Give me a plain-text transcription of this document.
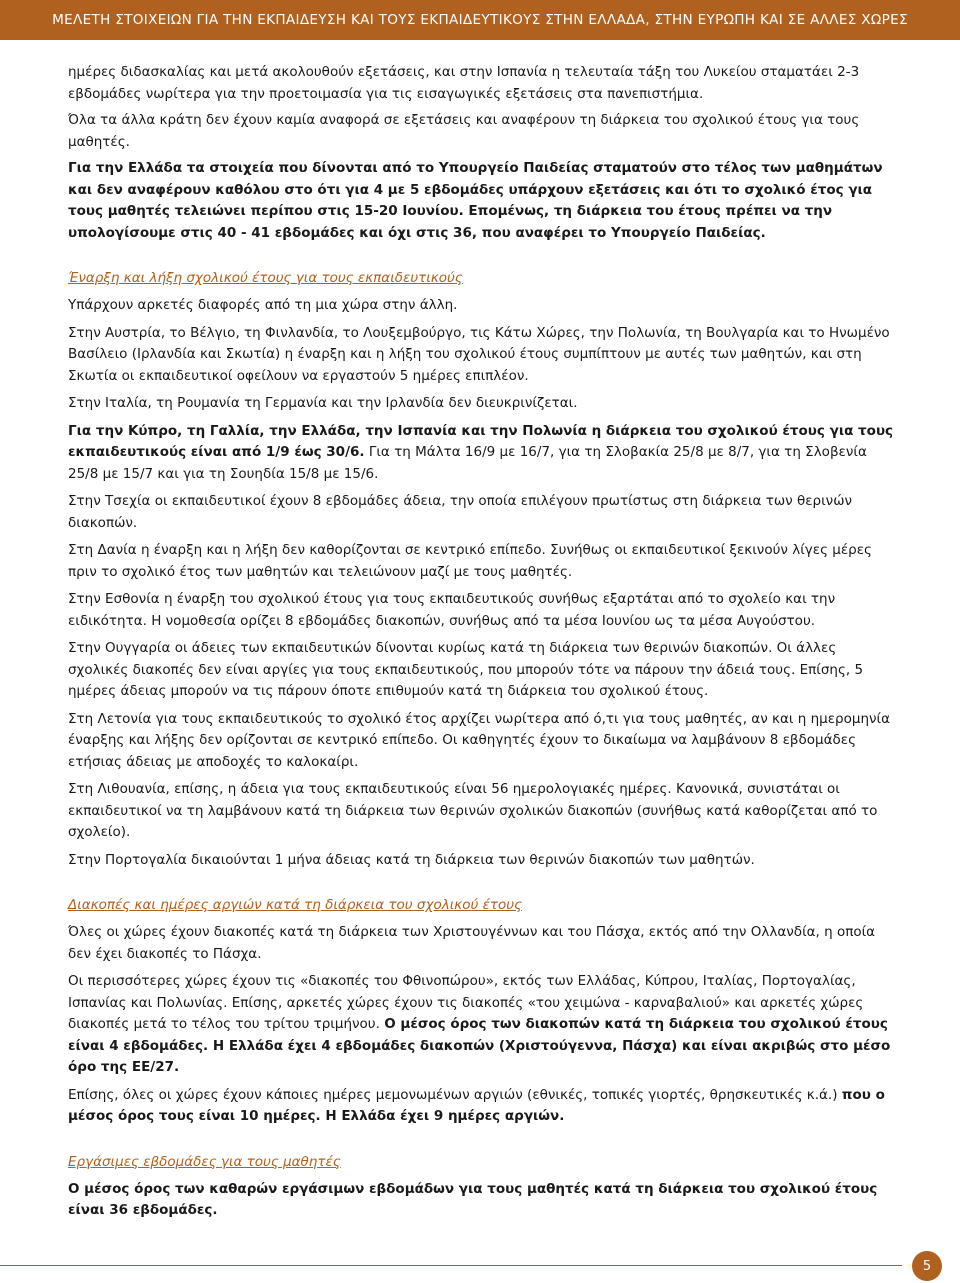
ΜΕΛΕΤΗ ΣΤΟΙΧΕΙΩΝ ΓΙΑ ΤΗΝ ΕΚΠΑΙΔΕΥΣΗ ΚΑΙ ΤΟΥΣ ΕΚΠΑΙΔΕΥΤΙΚΟΥΣ ΣΤΗΝ ΕΛΛΑΔΑ, ΣΤΗΝ ΕΥΡΩΠΗ ΚΑΙ ΣΕ ΑΛΛΕΣ ΧΩΡΕΣ

ημέρες διδασκαλίας και μετά ακολουθούν εξετάσεις, και στην Ισπανία η τελευταία τάξη του Λυκείου σταματάει 2-3 εβδομάδες νωρίτερα για την προετοιμασία για τις εισαγωγικές εξετάσεις στα πανεπιστήμια.

Όλα τα άλλα κράτη δεν έχουν καμία αναφορά σε εξετάσεις και αναφέρουν τη διάρκεια του σχολικού έτους για τους μαθητές.

Για την Ελλάδα τα στοιχεία που δίνονται από το Υπουργείο Παιδείας σταματούν στο τέλος των μαθημάτων και δεν αναφέρουν καθόλου στο ότι για 4 με 5 εβδομάδες υπάρχουν εξετάσεις και ότι το σχολικό έτος για τους μαθητές τελειώνει περίπου στις 15-20 Ιουνίου. Επομένως, τη διάρκεια του έτους πρέπει να την υπολογίσουμε στις 40 - 41 εβδομάδες και όχι στις 36, που αναφέρει το Υπουργείο Παιδείας.

Έναρξη και λήξη σχολικού έτους για τους εκπαιδευτικούς

Υπάρχουν αρκετές διαφορές από τη μια χώρα στην άλλη.

Στην Αυστρία, το Βέλγιο, τη Φινλανδία, το Λουξεμβούργο, τις Κάτω Χώρες, την Πολωνία, τη Βουλγαρία και το Ηνωμένο Βασίλειο (Ιρλανδία και Σκωτία) η έναρξη και η λήξη του σχολικού έτους συμπίπτουν με αυτές των μαθητών, και στη Σκωτία οι εκπαιδευτικοί οφείλουν να εργαστούν 5 ημέρες επιπλέον.

Στην Ιταλία, τη Ρουμανία τη Γερμανία και την Ιρλανδία δεν διευκρινίζεται.

Για την Κύπρο, τη Γαλλία, την Ελλάδα, την Ισπανία και την Πολωνία η διάρκεια του σχολικού έτους για τους εκπαιδευτικούς είναι από 1/9 έως 30/6. Για τη Μάλτα 16/9 με 16/7, για τη Σλοβακία 25/8 με 8/7, για τη Σλοβενία 25/8 με 15/7 και για τη Σουηδία 15/8 με 15/6.

Στην Τσεχία οι εκπαιδευτικοί έχουν 8 εβδομάδες άδεια, την οποία επιλέγουν πρωτίστως στη διάρκεια των θερινών διακοπών.

Στη Δανία η έναρξη και η λήξη δεν καθορίζονται σε κεντρικό επίπεδο. Συνήθως οι εκπαιδευτικοί ξεκινούν λίγες μέρες πριν το σχολικό έτος των μαθητών και τελειώνουν μαζί με τους μαθητές.

Στην Εσθονία η έναρξη του σχολικού έτους για τους εκπαιδευτικούς συνήθως εξαρτάται από το σχολείο και την ειδικότητα. Η νομοθεσία ορίζει 8 εβδομάδες διακοπών, συνήθως από τα μέσα Ιουνίου ως τα μέσα Αυγούστου.

Στην Ουγγαρία οι άδειες των εκπαιδευτικών δίνονται κυρίως κατά τη διάρκεια των θερινών διακοπών. Οι άλλες σχολικές διακοπές δεν είναι αργίες για τους εκπαιδευτικούς, που μπορούν τότε να πάρουν την άδειά τους. Επίσης, 5 ημέρες άδειας μπορούν να τις πάρουν όποτε επιθυμούν κατά τη διάρκεια του σχολικού έτους.

Στη Λετονία για τους εκπαιδευτικούς το σχολικό έτος αρχίζει νωρίτερα από ό,τι για τους μαθητές, αν και η ημερομηνία έναρξης και λήξης δεν ορίζονται σε κεντρικό επίπεδο. Οι καθηγητές έχουν το δικαίωμα να λαμβάνουν 8 εβδομάδες ετήσιας άδειας με αποδοχές το καλοκαίρι.

Στη Λιθουανία, επίσης, η άδεια για τους εκπαιδευτικούς είναι 56 ημερολογιακές ημέρες. Κανονικά, συνιστάται οι εκπαιδευτικοί να τη λαμβάνουν κατά τη διάρκεια των θερινών σχολικών διακοπών (συνήθως κατά καθορίζεται από το σχολείο).

Στην Πορτογαλία δικαιούνται 1 μήνα άδειας κατά τη διάρκεια των θερινών διακοπών των μαθητών.

Διακοπές και ημέρες αργιών κατά τη διάρκεια του σχολικού έτους

Όλες οι χώρες έχουν διακοπές κατά τη διάρκεια των Χριστουγέννων και του Πάσχα, εκτός από την Ολλανδία, η οποία δεν έχει διακοπές το Πάσχα.

Οι περισσότερες χώρες έχουν τις «διακοπές του Φθινοπώρου», εκτός των Ελλάδας, Κύπρου, Ιταλίας, Πορτογαλίας, Ισπανίας και Πολωνίας. Επίσης, αρκετές χώρες έχουν τις διακοπές «του χειμώνα - καρναβαλιού» και αρκετές χώρες διακοπές μετά το τέλος του τρίτου τριμήνου. Ο μέσος όρος των διακοπών κατά τη διάρκεια του σχολικού έτους είναι 4 εβδομάδες. Η Ελλάδα έχει 4 εβδομάδες διακοπών (Χριστούγεννα, Πάσχα) και είναι ακριβώς στο μέσο όρο της ΕΕ/27.

Επίσης, όλες οι χώρες έχουν κάποιες ημέρες μεμονωμένων αργιών (εθνικές, τοπικές γιορτές, θρησκευτικές κ.ά.) που ο μέσος όρος τους είναι 10 ημέρες. Η Ελλάδα έχει 9 ημέρες αργιών.

Εργάσιμες εβδομάδες για τους μαθητές

Ο μέσος όρος των καθαρών εργάσιμων εβδομάδων για τους μαθητές κατά τη διάρκεια του σχολικού έτους είναι 36 εβδομάδες.

5
